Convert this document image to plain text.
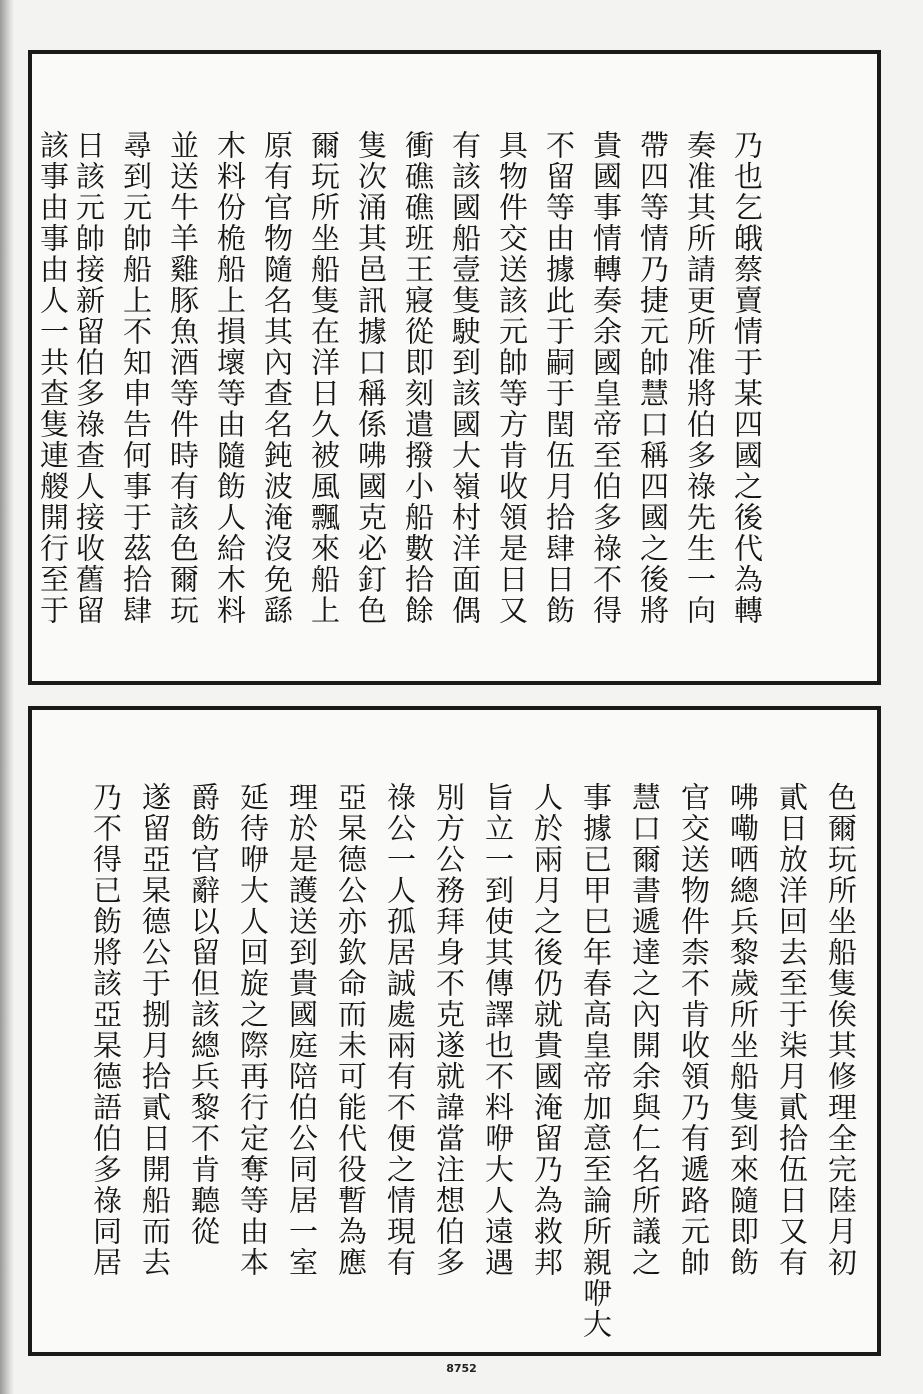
乃也乞皒蔡賣情于某四國之後代為轉
奏准其所請更所准將伯多祿先生一向
帶四等情乃捷元帥慧口稱四國之後將
貴國事情轉奏余國皇帝至伯多祿不得
不留等由據此于嗣于閏伍月拾肆日飭
具物件交送該元帥等方肯收領是日又
有該國船壹隻駛到該國大嶺村洋面偶
衝礁礁班王寢從即刻遣撥小船數拾餘
隻次涌其邑訊據口稱係咈國克必釘色
爾玩所坐船隻在洋日久被風飄來船上
原有官物隨名其內查名鈍波淹沒免繇
木料份桅船上損壞等由隨飭人給木料
並送牛羊雞豚魚酒等件時有該色爾玩
尋到元帥船上不知申告何事于茲拾肆
日該元帥接新留伯多祿查人接收舊留
該事由事由人一共查隻連艐開行至于
色爾玩所坐船隻俟其修理全完陸月初
貳日放洋回去至于柒月貳拾伍日又有
咈嘞哂總兵黎歲所坐船隻到來隨即飭
官交送物件柰不肯收領乃有遞路元帥
慧口爾書遞達之內開余與仁名所議之
事據已甲巳年春高皇帝加意至論所親咿大
人於兩月之後仍就貴國淹留乃為救邦
旨立一到使其傳譯也不料咿大人遠遇
別方公務拜身不克遂就諱當注想伯多
祿公一人孤居誠處兩有不便之情現有
亞杲德公亦欽命而未可能代役暫為應
理於是護送到貴國庭陪伯公同居一室
延待咿大人回旋之際再行定奪等由本
爵飭官辭以留但該總兵黎不肯聽從
遂留亞杲德公于捌月拾貳日開船而去
乃不得已飭將該亞杲德語伯多祿同居
8752
